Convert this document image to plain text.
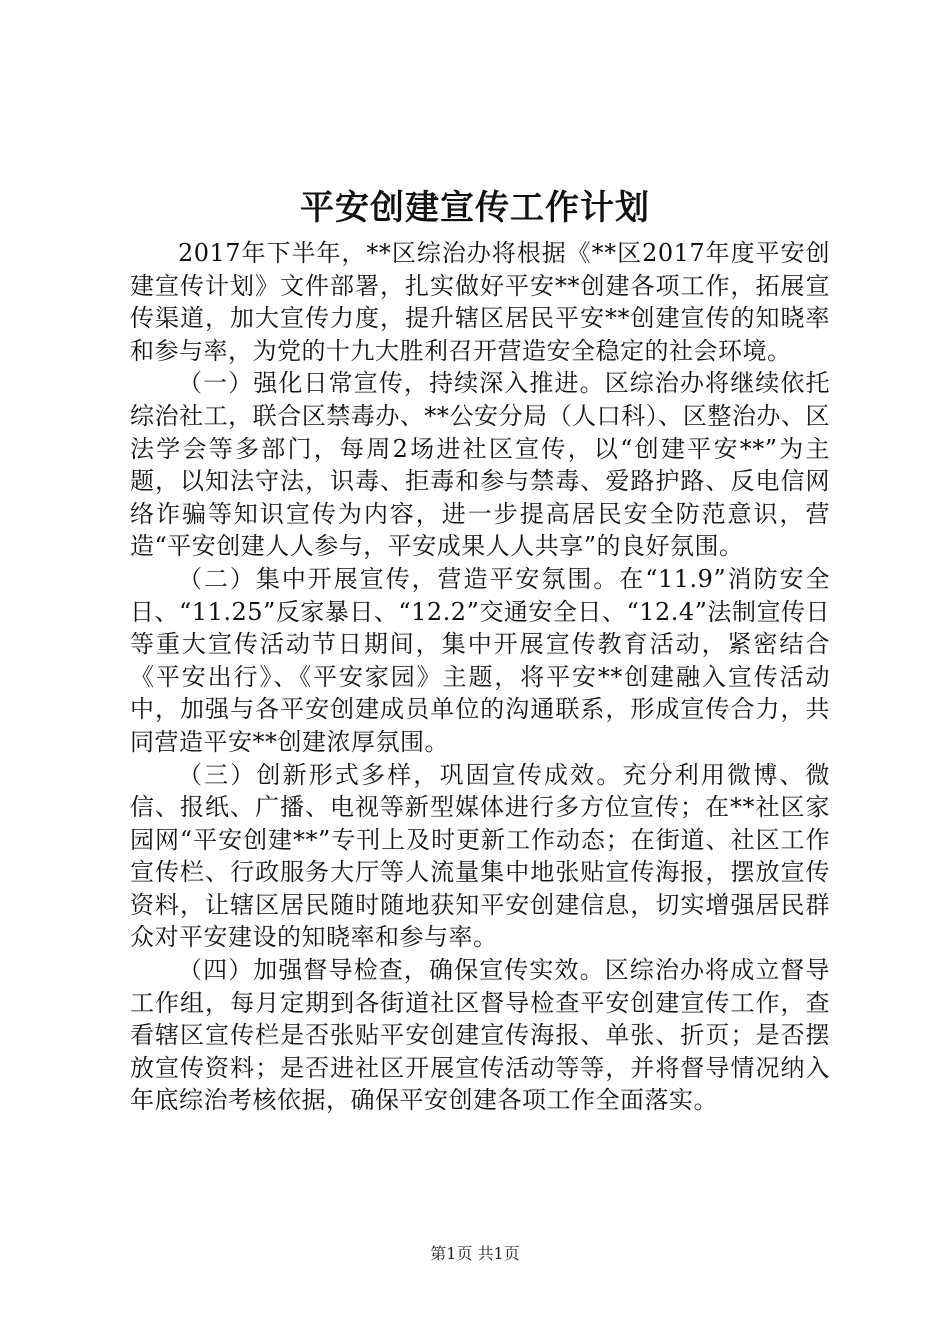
平安创建宣传工作计划

2017年下半年，**区综治办将根据《**区2017年度平安创建宣传计划》文件部署，扎实做好平安**创建各项工作，拓展宣传渠道，加大宣传力度，提升辖区居民平安**创建宣传的知晓率和参与率，为党的十九大胜利召开营造安全稳定的社会环境。

（一）强化日常宣传，持续深入推进。区综治办将继续依托综治社工，联合区禁毒办、**公安分局（人口科）、区整治办、区法学会等多部门，每周2场进社区宣传，以“创建平安**”为主题，以知法守法，识毒、拒毒和参与禁毒、爱路护路、反电信网络诈骗等知识宣传为内容，进一步提高居民安全防范意识，营造“平安创建人人参与，平安成果人人共享”的良好氛围。

（二）集中开展宣传，营造平安氛围。在“11.9”消防安全日、“11.25”反家暴日、“12.2”交通安全日、“12.4”法制宣传日等重大宣传活动节日期间，集中开展宣传教育活动，紧密结合《平安出行》、《平安家园》主题，将平安**创建融入宣传活动中，加强与各平安创建成员单位的沟通联系，形成宣传合力，共同营造平安**创建浓厚氛围。

（三）创新形式多样，巩固宣传成效。充分利用微博、微信、报纸、广播、电视等新型媒体进行多方位宣传；在**社区家园网“平安创建**”专刊上及时更新工作动态；在街道、社区工作宣传栏、行政服务大厅等人流量集中地张贴宣传海报，摆放宣传资料，让辖区居民随时随地获知平安创建信息，切实增强居民群众对平安建设的知晓率和参与率。

（四）加强督导检查，确保宣传实效。区综治办将成立督导工作组，每月定期到各街道社区督导检查平安创建宣传工作，查看辖区宣传栏是否张贴平安创建宣传海报、单张、折页；是否摆放宣传资料；是否进社区开展宣传活动等等，并将督导情况纳入年底综治考核依据，确保平安创建各项工作全面落实。

第1页 共1页
